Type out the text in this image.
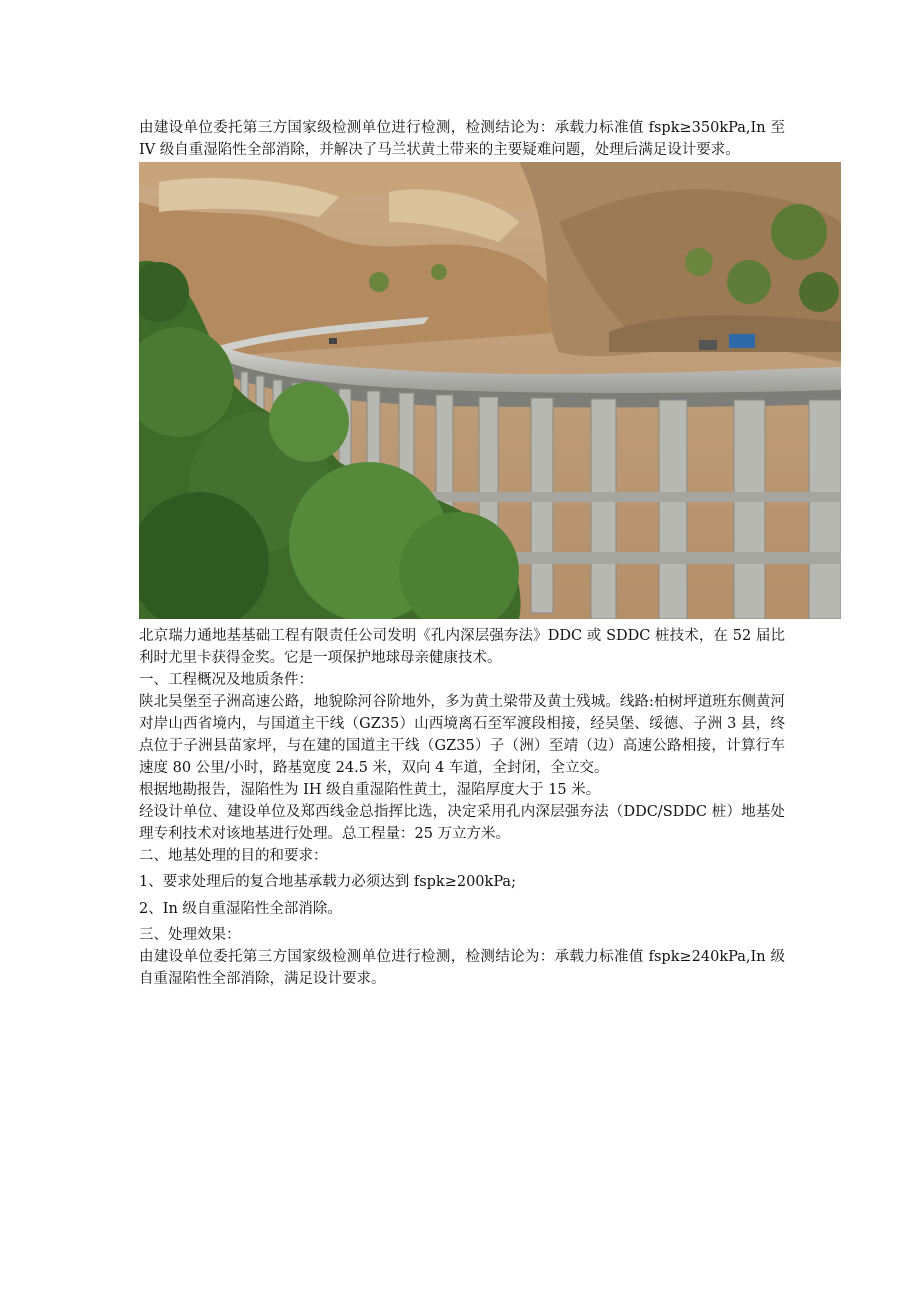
由建设单位委托第三方国家级检测单位进行检测，检测结论为：承载力标准值 fspk≥350kPa,In 至IV 级自重湿陷性全部消除，并解决了马兰状黄土带来的主要疑难问题，处理后满足设计要求。

北京瑞力通地基基础工程有限责任公司发明《孔内深层强夯法》DDC 或 SDDC 桩技术，在 52 届比利时尤里卡获得金奖。它是一项保护地球母亲健康技术。

一、工程概况及地质条件：

陕北吴堡至子洲高速公路，地貌除河谷阶地外，多为黄土梁带及黄土残城。线路:柏树坪道班东侧黄河对岸山西省境内，与国道主干线（GZ35）山西境离石至军渡段相接，经吴堡、绥德、子洲 3 县，终点位于子洲县苗家坪，与在建的国道主干线（GZ35）子（洲）至靖（边）高速公路相接，计算行车速度 80 公里/小时，路基宽度 24.5 米，双向 4 车道，全封闭，全立交。

根据地勘报告，湿陷性为 IH 级自重湿陷性黄土，湿陷厚度大于 15 米。

经设计单位、建设单位及郑西线金总指挥比选，决定采用孔内深层强夯法（DDC/SDDC 桩）地基处理专利技术对该地基进行处理。总工程量：25 万立方米。

二、地基处理的目的和要求：

1、要求处理后的复合地基承载力必须达到 fspk≥200kPa;

2、In 级自重湿陷性全部消除。

三、处理效果：

由建设单位委托第三方国家级检测单位进行检测，检测结论为：承载力标准值 fspk≥240kPa,In 级自重湿陷性全部消除，满足设计要求。
